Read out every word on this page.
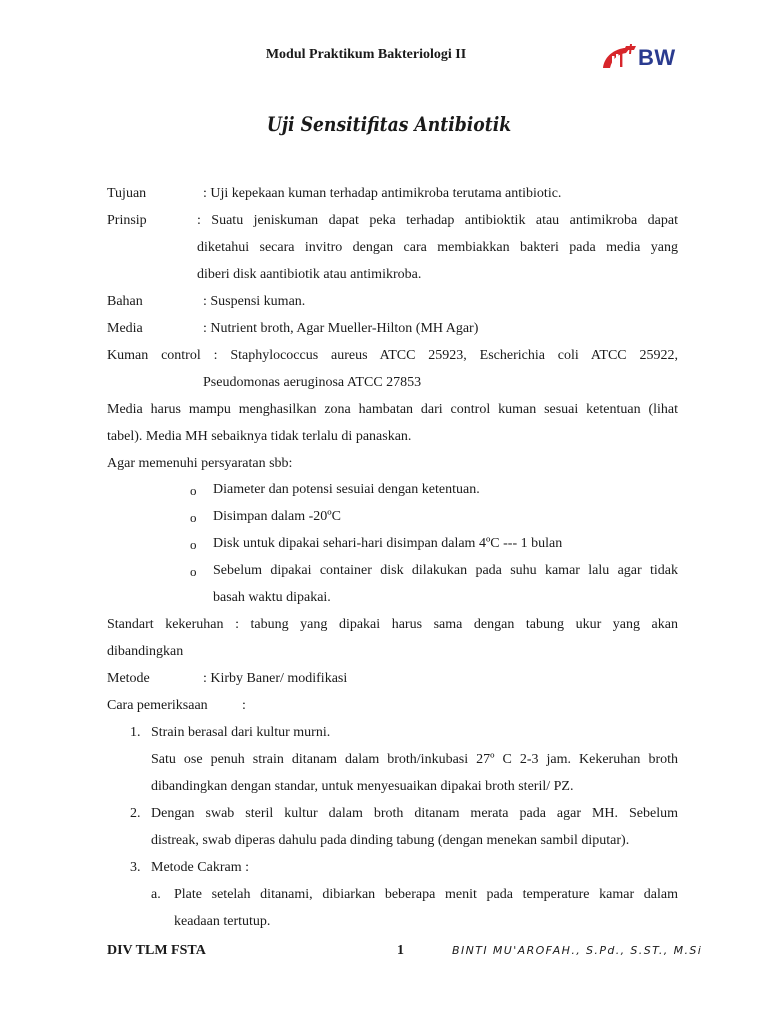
Modul Praktikum Bakteriologi II	BW
Uji Sensitifitas Antibiotik
Tujuan	: Uji kepekaan kuman terhadap antimikroba terutama antibiotic.
Prinsip	: Suatu jeniskuman dapat peka terhadap antibioktik atau antimikroba dapat
diketahui secara invitro dengan cara membiakkan bakteri pada media yang
diberi disk aantibiotik atau antimikroba.
Bahan	: Suspensi kuman.
Media	: Nutrient broth, Agar Mueller-Hilton (MH Agar)
Kuman control : Staphylococcus aureus ATCC 25923, Escherichia coli ATCC 25922,
Pseudomonas aeruginosa ATCC 27853
Media harus mampu menghasilkan zona hambatan dari control kuman sesuai ketentuan (lihat
tabel). Media MH sebaiknya tidak terlalu di panaskan.
Agar memenuhi persyaratan sbb:
o Diameter dan potensi sesuiai dengan ketentuan.
o Disimpan dalam -20ºC
o Disk untuk dipakai sehari-hari disimpan dalam 4ºC --- 1 bulan
o Sebelum dipakai container disk dilakukan pada suhu kamar lalu agar tidak
basah waktu dipakai.
Standart kekeruhan : tabung yang dipakai harus sama dengan tabung ukur yang akan
dibandingkan
Metode	: Kirby Baner/ modifikasi
Cara pemeriksaan :
1. Strain berasal dari kultur murni.
Satu ose penuh strain ditanam dalam broth/inkubasi 27º C 2-3 jam. Kekeruhan broth
dibandingkan dengan standar, untuk menyesuaikan dipakai broth steril/ PZ.
2. Dengan swab steril kultur dalam broth ditanam merata pada agar MH. Sebelum
distreak, swab diperas dahulu pada dinding tabung (dengan menekan sambil diputar).
3. Metode Cakram :
a. Plate setelah ditanami, dibiarkan beberapa menit pada temperature kamar dalam
keadaan tertutup.
DIV TLM FSTA	1	BINTI MU'AROFAH., S.Pd., S.ST., M.Si
